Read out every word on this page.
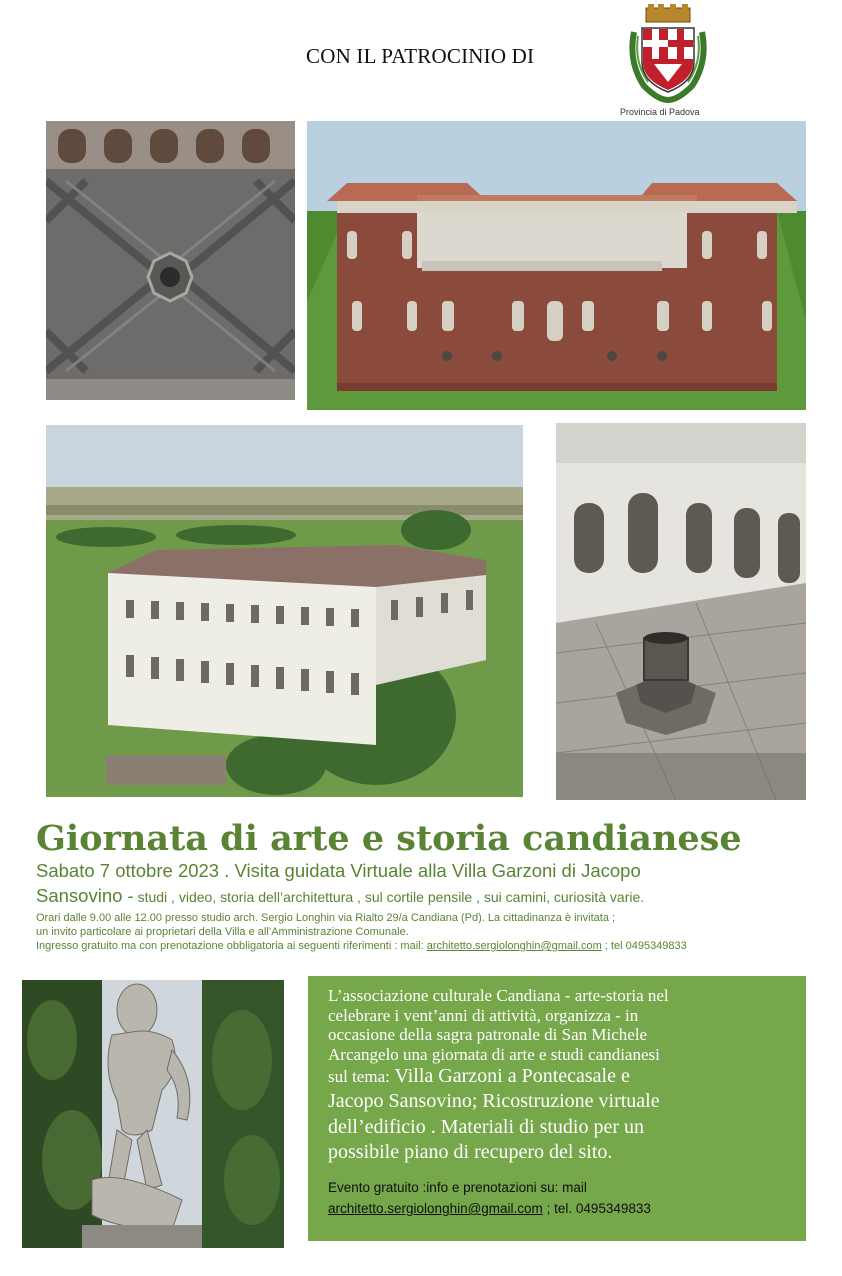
CON IL PATROCINIO DI
Provincia di Padova
Giornata di arte e storia candianese
Sabato 7 ottobre 2023 . Visita guidata Virtuale alla Villa Garzoni di Jacopo
Sansovino - studi , video, storia dell’architettura , sul cortile pensile , sui camini, curiosità varie.
Orari dalle 9.00 alle 12.00 presso studio arch. Sergio Longhin via Rialto 29/a Candiana (Pd). La cittadinanza è invitata ;
un invito particolare ai proprietari della Villa e all’Amministrazione Comunale.
Ingresso gratuito ma con prenotazione obbligatoria ai seguenti riferimenti : mail: architetto.sergiolonghin@gmail.com ; tel 0495349833
L’associazione culturale Candiana - arte-storia nel
celebrare i vent’anni di attività, organizza - in
occasione della sagra patronale di San Michele
Arcangelo una giornata di arte e studi candianesi
sul tema: Villa Garzoni a Pontecasale e
Jacopo Sansovino; Ricostruzione virtuale
dell’edificio . Materiali di studio per un
possibile piano di recupero del sito.
Evento gratuito :info e prenotazioni su: mail
architetto.sergiolonghin@gmail.com ; tel. 0495349833
